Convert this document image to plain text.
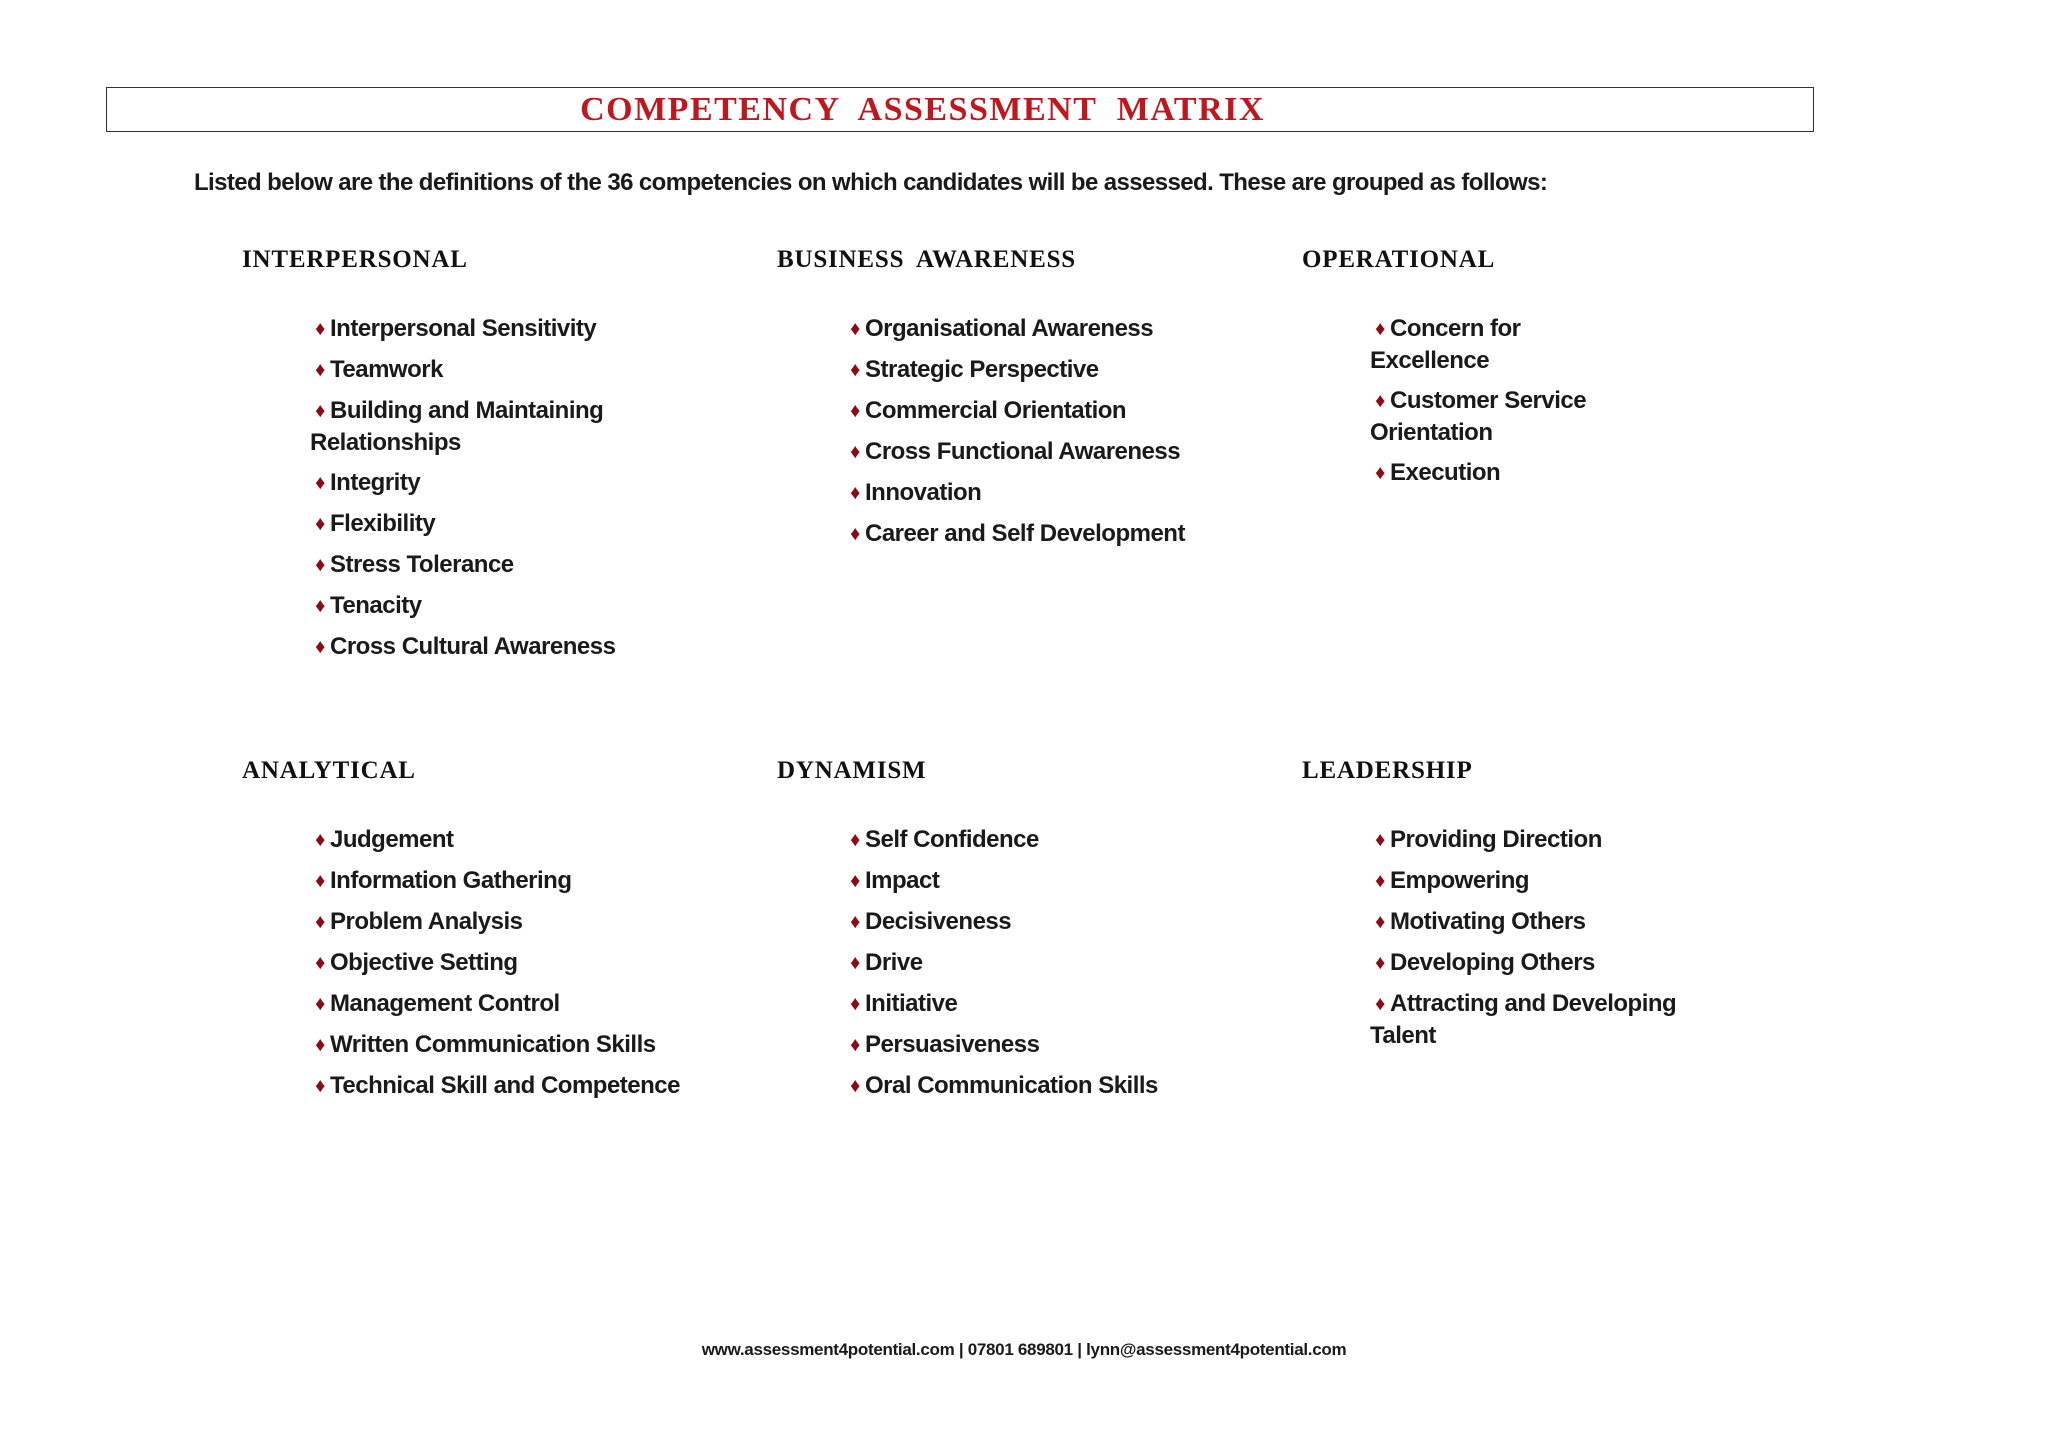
COMPETENCY ASSESSMENT MATRIX
Listed below are the definitions of the 36 competencies on which candidates will be assessed. These are grouped as follows:
INTERPERSONAL
♦ Interpersonal Sensitivity
♦ Teamwork
♦ Building and Maintaining Relationships
♦ Integrity
♦ Flexibility
♦ Stress Tolerance
♦ Tenacity
♦ Cross Cultural Awareness
BUSINESS AWARENESS
♦ Organisational Awareness
♦ Strategic Perspective
♦ Commercial Orientation
♦ Cross Functional Awareness
♦ Innovation
♦ Career and Self Development
OPERATIONAL
♦ Concern for Excellence
♦ Customer Service Orientation
♦ Execution
ANALYTICAL
♦ Judgement
♦ Information Gathering
♦ Problem Analysis
♦ Objective Setting
♦ Management Control
♦ Written Communication Skills
♦ Technical Skill and Competence
DYNAMISM
♦ Self Confidence
♦ Impact
♦ Decisiveness
♦ Drive
♦ Initiative
♦ Persuasiveness
♦ Oral Communication Skills
LEADERSHIP
♦ Providing Direction
♦ Empowering
♦ Motivating Others
♦ Developing Others
♦ Attracting and Developing Talent
www.assessment4potential.com | 07801 689801 | lynn@assessment4potential.com
